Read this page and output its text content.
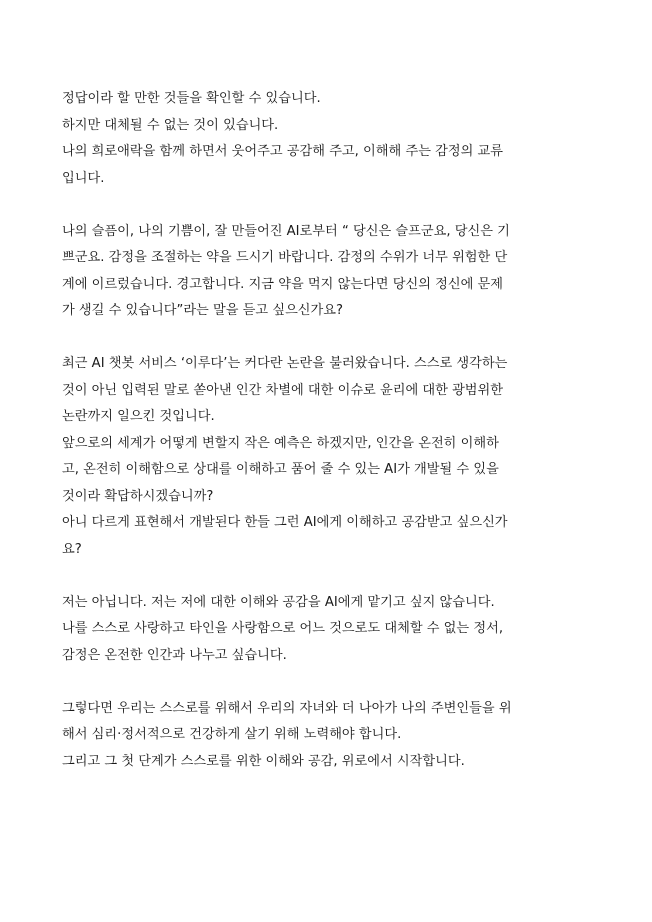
정답이라 할 만한 것들을 확인할 수 있습니다.
하지만 대체될 수 없는 것이 있습니다.
나의 희로애락을 함께 하면서 웃어주고 공감해 주고, 이해해 주는 감정의 교류
입니다.
나의 슬픔이, 나의 기쁨이, 잘 만들어진 AI로부터 “ 당신은 슬프군요, 당신은 기
쁘군요. 감정을 조절하는 약을 드시기 바랍니다. 감정의 수위가 너무 위험한 단
계에 이르렀습니다. 경고합니다. 지금 약을 먹지 않는다면 당신의 정신에 문제
가 생길 수 있습니다”라는 말을 듣고 싶으신가요?
최근 AI 챗봇 서비스 ‘이루다’는 커다란 논란을 불러왔습니다. 스스로 생각하는
것이 아닌 입력된 말로 쏟아낸 인간 차별에 대한 이슈로 윤리에 대한 광범위한
논란까지 일으킨 것입니다.
앞으로의 세계가 어떻게 변할지 작은 예측은 하겠지만, 인간을 온전히 이해하
고, 온전히 이해함으로 상대를 이해하고 품어 줄 수 있는 AI가 개발될 수 있을
것이라 확답하시겠습니까?
아니 다르게 표현해서 개발된다 한들 그런 AI에게 이해하고 공감받고 싶으신가
요?
저는 아닙니다. 저는 저에 대한 이해와 공감을 AI에게 맡기고 싶지 않습니다.
나를 스스로 사랑하고 타인을 사랑함으로 어느 것으로도 대체할 수 없는 정서,
감정은 온전한 인간과 나누고 싶습니다.
그렇다면 우리는 스스로를 위해서 우리의 자녀와 더 나아가 나의 주변인들을 위
해서 심리·정서적으로 건강하게 살기 위해 노력해야 합니다.
그리고 그 첫 단계가 스스로를 위한 이해와 공감, 위로에서 시작합니다.
